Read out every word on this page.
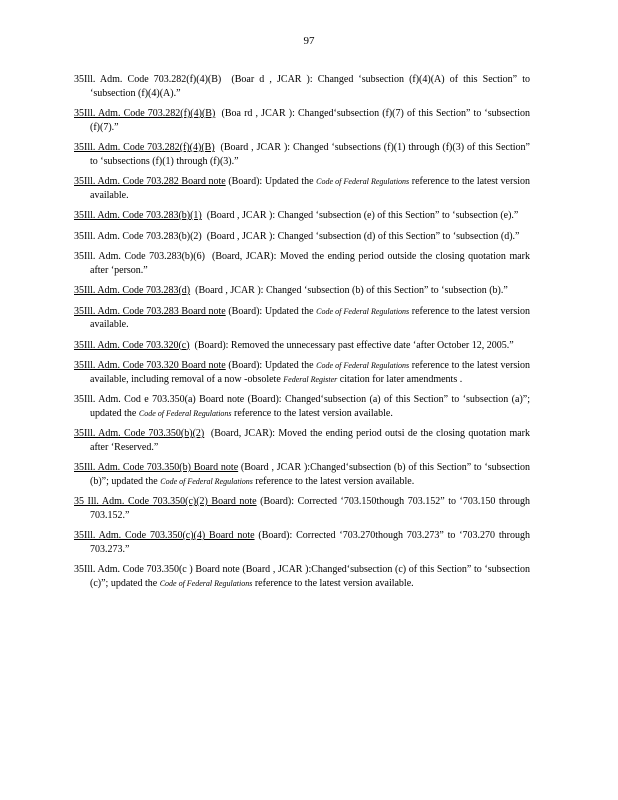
97
35Ill. Adm. Code 703.282(f)(4)(B)  (Boar d , JCAR ): Changed ‘subsection (f)(4)(A) of this Section” to ‘subsection (f)(4)(A).”
35Ill. Adm. Code 703.282(f)(4)(B)  (Boa rd , JCAR ): Changed‘subsection (f)(7) of this Section” to ‘subsection (f)(7).”
35Ill. Adm. Code 703.282(f)(4)(B)  (Board , JCAR ): Changed ‘subsections (f)(1) through (f)(3) of this Section” to ‘subsections (f)(1) through (f)(3).”
35Ill. Adm. Code 703.282 Board note (Board): Updated the Code of Federal Regulations reference to the latest version available.
35Ill. Adm. Code 703.283(b)(1)  (Board , JCAR ): Changed ‘subsection (e) of this Section” to ‘subsection (e).”
35Ill. Adm. Code 703.283(b)(2)  (Board , JCAR ): Changed ‘subsection (d) of this Section” to ‘subsection (d).”
35Ill. Adm. Code 703.283(b)(6)  (Board, JCAR): Moved the ending period outside the closing quotation mark after ‘person.”
35Ill. Adm. Code 703.283(d)  (Board , JCAR ): Changed ‘subsection (b) of this Section” to ‘subsection (b).”
35Ill. Adm. Code 703.283 Board note (Board): Updated the Code of Federal Regulations reference to the latest version available.
35Ill. Adm. Code 703.320(c)  (Board): Removed the unnecessary past effective date ‘after October 12, 2005.”
35Ill. Adm. Code 703.320 Board note (Board): Updated the Code of Federal Regulations reference to the latest version available, including removal of a now -obsolete Federal Register citation for later amendments .
35Ill. Adm. Cod e 703.350(a) Board note (Board): Changed‘subsection (a) of this Section” to ‘subsection (a)”; updated the Code of Federal Regulations reference to the latest version available.
35Ill. Adm. Code 703.350(b)(2)  (Board, JCAR): Moved the ending period outsi de the closing quotation mark after ‘Reserved.”
35Ill. Adm. Code 703.350(b) Board note (Board , JCAR ):Changed‘subsection (b) of this Section” to ‘subsection (b)”; updated the Code of Federal Regulations reference to the latest version available.
35 Ill. Adm. Code 703.350(c)(2) Board note (Board): Corrected ‘703.150though 703.152” to ‘703.150 through 703.152.”
35Ill. Adm. Code 703.350(c)(4) Board note (Board): Corrected ‘703.270though 703.273” to ‘703.270 through 703.273.”
35Ill. Adm. Code 703.350(c ) Board note (Board , JCAR ):Changed‘subsection (c) of this Section” to ‘subsection (c)”; updated the Code of Federal Regulations reference to the latest version available.
